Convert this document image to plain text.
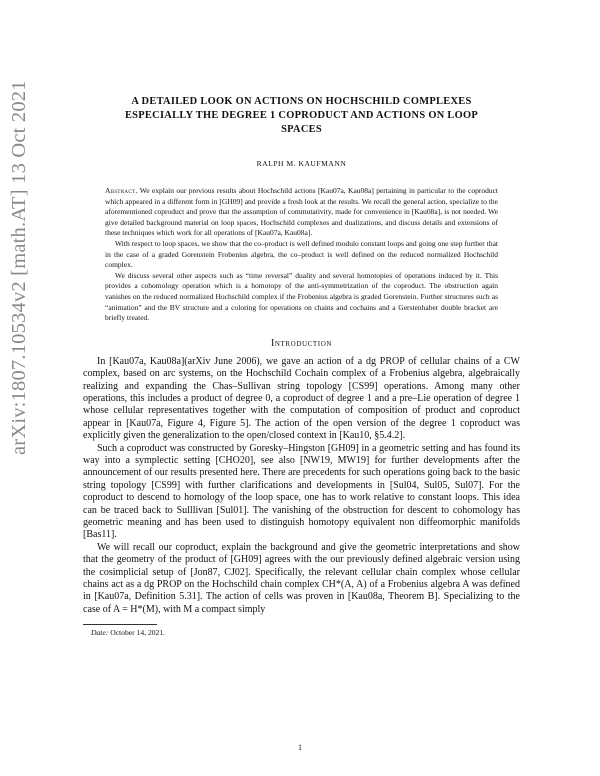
arXiv:1807.10534v2 [math.AT] 13 Oct 2021	A DETAILED LOOK ON ACTIONS ON HOCHSCHILD COMPLEXES
ESPECIALLY THE DEGREE 1 COPRODUCT AND ACTIONS ON LOOP
SPACES
RALPH M. KAUFMANN

Abstract. We explain our previous results about Hochschild actions [Kau07a, Kau08a] pertaining in particular to the coproduct which appeared in a different form in [GH09] and provide a fresh look at the results. We recall the general action, specialize to the aforementioned coproduct and prove that the assumption of commutativity, made for convenience in [Kau08a], is not needed. We give detailed background material on loop spaces, Hochschild complexes and dualizations, and discuss details and extensions of these techniques which work for all operations of [Kau07a, Kau08a].

With respect to loop spaces, we show that the co–product is well defined modulo constant loops and going one step further that in the case of a graded Gorenstein Frobenius algebra, the co–product is well defined on the reduced normalized Hochschild complex.

We discuss several other aspects such as “time reversal” duality and several homotopies of operations induced by it. This provides a cohomology operation which is a homotopy of the anti-symmetrization of the coproduct. The obstruction again vanishes on the reduced normalized Hochschild complex if the Frobenius algebra is graded Gorenstein. Further structures such as “animation” and the BV structure and a coloring for operations on chains and cochains and a Gerstenhaber double bracket are briefly treated.

Introduction

In [Kau07a, Kau08a](arXiv June 2006), we gave an action of a dg PROP of cellular chains of a CW complex, based on arc systems, on the Hochschild Cochain complex of a Frobenius algebra, algebraically realizing and expanding the Chas–Sullivan string topology [CS99] operations. Among many other operations, this includes a product of degree 0, a coproduct of degree 1 and a pre–Lie operation of degree 1 whose cellular representatives together with the computation of composition of product and coproduct appear in [Kau07a, Figure 4, Figure 5]. The action of the open version of the degree 1 coproduct was explicitly given the generalization to the open/closed context in [Kau10, §5.4.2].

Such a coproduct was constructed by Goresky–Hingston [GH09] in a geometric setting and has found its way into a symplectic setting [CHO20], see also [NW19, MW19] for further developments after the announcement of our results presented here. There are precedents for such operations going back to the basic string topology [CS99] with further clarifications and developments in [Sul04, Sul05, Sul07]. For the coproduct to descend to homology of the loop space, one has to work relative to constant loops. This idea can be traced back to Sulllivan [Sul01]. The vanishing of the obstruction for descent to cohomology has geometric meaning and has been used to distinguish homotopy equivalent non diffeomorphic manifolds [Bas11].

We will recall our coproduct, explain the background and give the geometric interpretations and show that the geometry of the product of [GH09] agrees with the our previously defined algebraic version using the cosimplicial setup of [Jon87, CJ02]. Specifically, the relevant cellular chain complex whose cellular chains act as a dg PROP on the Hochschild chain complex CH*(A, A) of a Frobenius algebra A was defined in [Kau07a, Definition 5.31]. The action of cells was proven in [Kau08a, Theorem B]. Specializing to the case of A = H*(M), with M a compact simply

Date: October 14, 2021.
1
